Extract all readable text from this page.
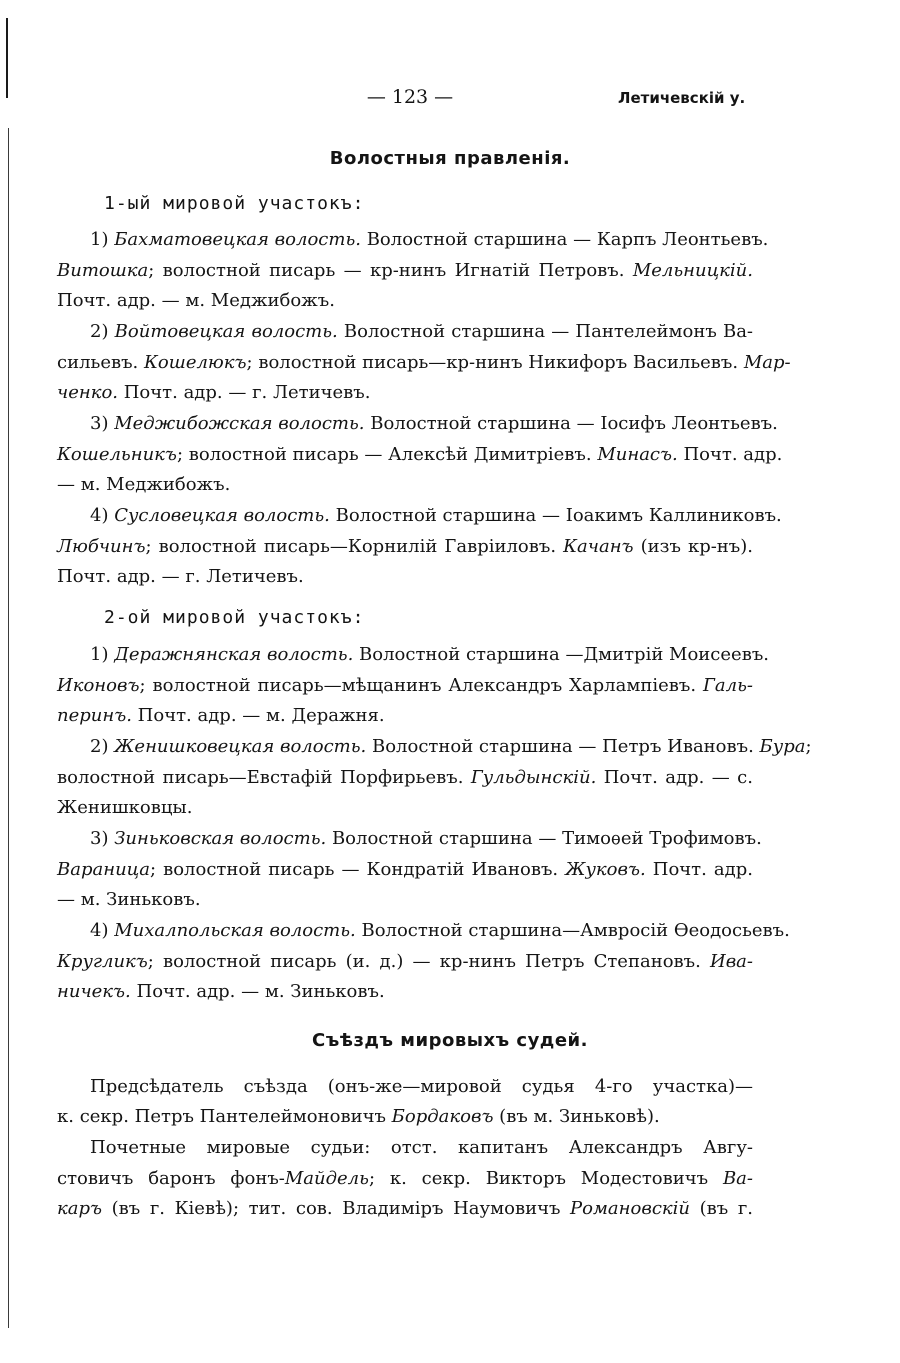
— 123 —	Летичевскій у.
Волостныя правленія.
1-ый мировой участокъ:
1) Бахматовецкая волость. Волостной старшина — Карпъ Леонтьевъ.
Витошка; волостной писарь — кр-нинъ Игнатій Петровъ. Мельницкій.
Почт. адр. — м. Меджибожъ.
2) Войтовецкая волость. Волостной старшина — Пантелеймонъ Ва-
сильевъ. Кошелюкъ; волостной писарь—кр-нинъ Никифоръ Васильевъ. Мар-
ченко. Почт. адр. — г. Летичевъ.
3) Меджибожская волость. Волостной старшина — Іосифъ Леонтьевъ.
Кошельникъ; волостной писарь — Алексѣй Димитріевъ. Минасъ. Почт. адр.
— м. Меджибожъ.
4) Сусловецкая волость. Волостной старшина — Іоакимъ Каллиниковъ.
Любчинъ; волостной писарь—Корнилій Гавріиловъ. Качанъ (изъ кр-нъ).
Почт. адр. — г. Летичевъ.
2-ой мировой участокъ:
1) Деражнянская волость. Волостной старшина —Дмитрій Моисеевъ.
Иконовъ; волостной писарь—мѣщанинъ Александръ Харлампіевъ. Галь-
перинъ. Почт. адр. — м. Деражня.
2) Женишковецкая волость. Волостной старшина — Петръ Ивановъ. Бура;
волостной писарь—Евстафій Порфирьевъ. Гульдынскій. Почт. адр. — с.
Женишковцы.
3) Зиньковская волость. Волостной старшина — Тимоѳей Трофимовъ.
Вараница; волостной писарь — Кондратій Ивановъ. Жуковъ. Почт. адр.
— м. Зиньковъ.
4) Михалпольская волость. Волостной старшина—Амвросій Ѳеодосьевъ.
Кругликъ; волостной писарь (и. д.) — кр-нинъ Петръ Степановъ. Ива-
ничекъ. Почт. адр. — м. Зиньковъ.
Съѣздъ мировыхъ судей.
Предсѣдатель съѣзда (онъ-же—мировой судья 4-го участка)—
к. секр. Петръ Пантелеймоновичъ Бордаковъ (въ м. Зиньковѣ).
Почетные мировые судьи: отст. капитанъ Александръ Авгу-
стовичъ баронъ фонъ-Майдель; к. секр. Викторъ Модестовичъ Ва-
каръ (въ г. Кіевѣ); тит. сов. Владиміръ Наумовичъ Романовскій (въ г.
